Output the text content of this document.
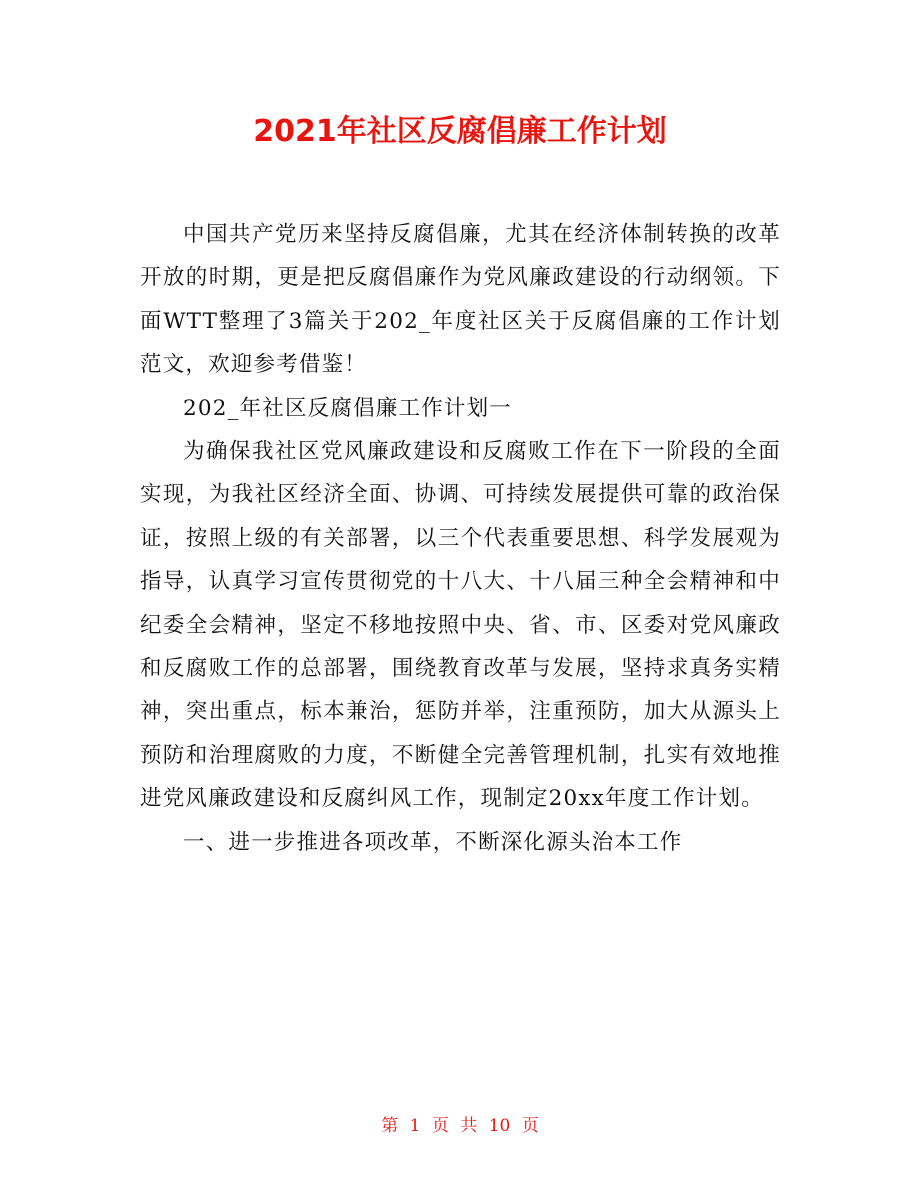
2021年社区反腐倡廉工作计划

中国共产党历来坚持反腐倡廉，尤其在经济体制转换的改革开放的时期，更是把反腐倡廉作为党风廉政建设的行动纲领。下面WTT整理了3篇关于202_年度社区关于反腐倡廉的工作计划范文，欢迎参考借鉴！

202_年社区反腐倡廉工作计划一

为确保我社区党风廉政建设和反腐败工作在下一阶段的全面实现，为我社区经济全面、协调、可持续发展提供可靠的政治保证，按照上级的有关部署，以三个代表重要思想、科学发展观为指导，认真学习宣传贯彻党的十八大、十八届三种全会精神和中纪委全会精神，坚定不移地按照中央、省、市、区委对党风廉政和反腐败工作的总部署，围绕教育改革与发展，坚持求真务实精神，突出重点，标本兼治，惩防并举，注重预防，加大从源头上预防和治理腐败的力度，不断健全完善管理机制，扎实有效地推进党风廉政建设和反腐纠风工作，现制定20xx年度工作计划。

一、进一步推进各项改革，不断深化源头治本工作

第 1 页 共 10 页
